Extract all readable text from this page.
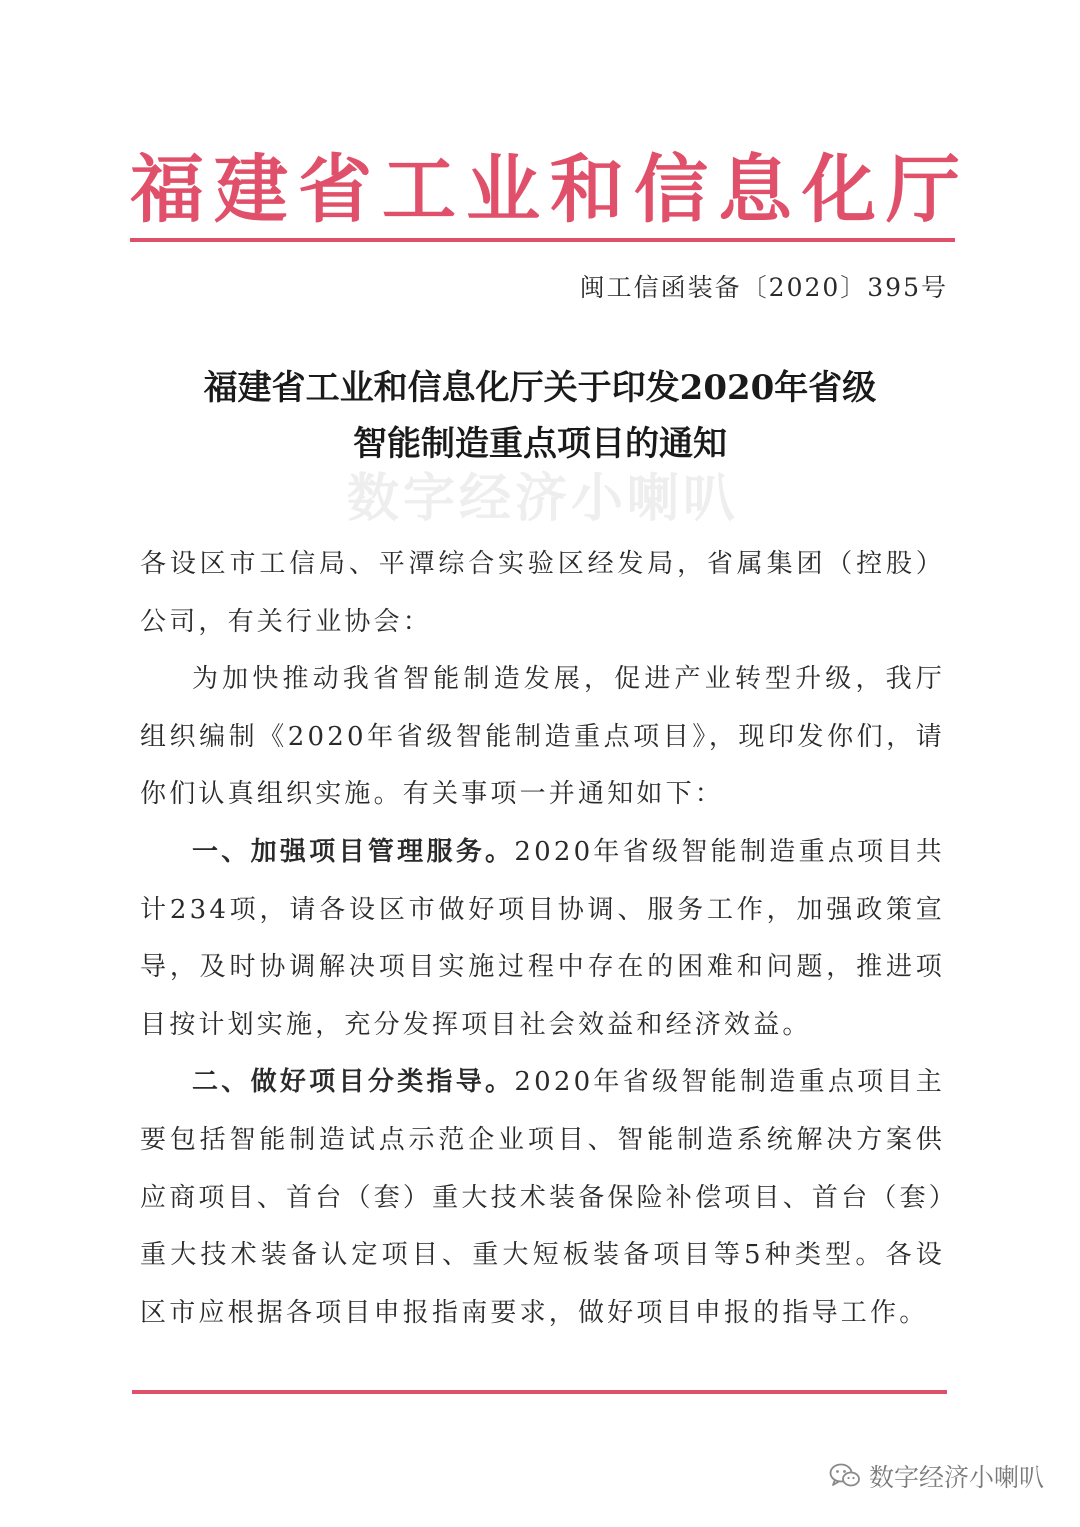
福建省工业和信息化厅
闽工信函装备〔2020〕395号
福建省工业和信息化厅关于印发2020年省级
智能制造重点项目的通知
数字经济小喇叭

各设区市工信局、平潭综合实验区经发局，省属集团（控股）公司，有关行业协会：

为加快推动我省智能制造发展，促进产业转型升级，我厅组织编制《2020年省级智能制造重点项目》，现印发你们，请你们认真组织实施。有关事项一并通知如下：

一、加强项目管理服务。2020年省级智能制造重点项目共计234项，请各设区市做好项目协调、服务工作，加强政策宣导，及时协调解决项目实施过程中存在的困难和问题，推进项目按计划实施，充分发挥项目社会效益和经济效益。

二、做好项目分类指导。2020年省级智能制造重点项目主要包括智能制造试点示范企业项目、智能制造系统解决方案供应商项目、首台（套）重大技术装备保险补偿项目、首台（套）重大技术装备认定项目、重大短板装备项目等5种类型。各设区市应根据各项目申报指南要求，做好项目申报的指导工作。

数字经济小喇叭
